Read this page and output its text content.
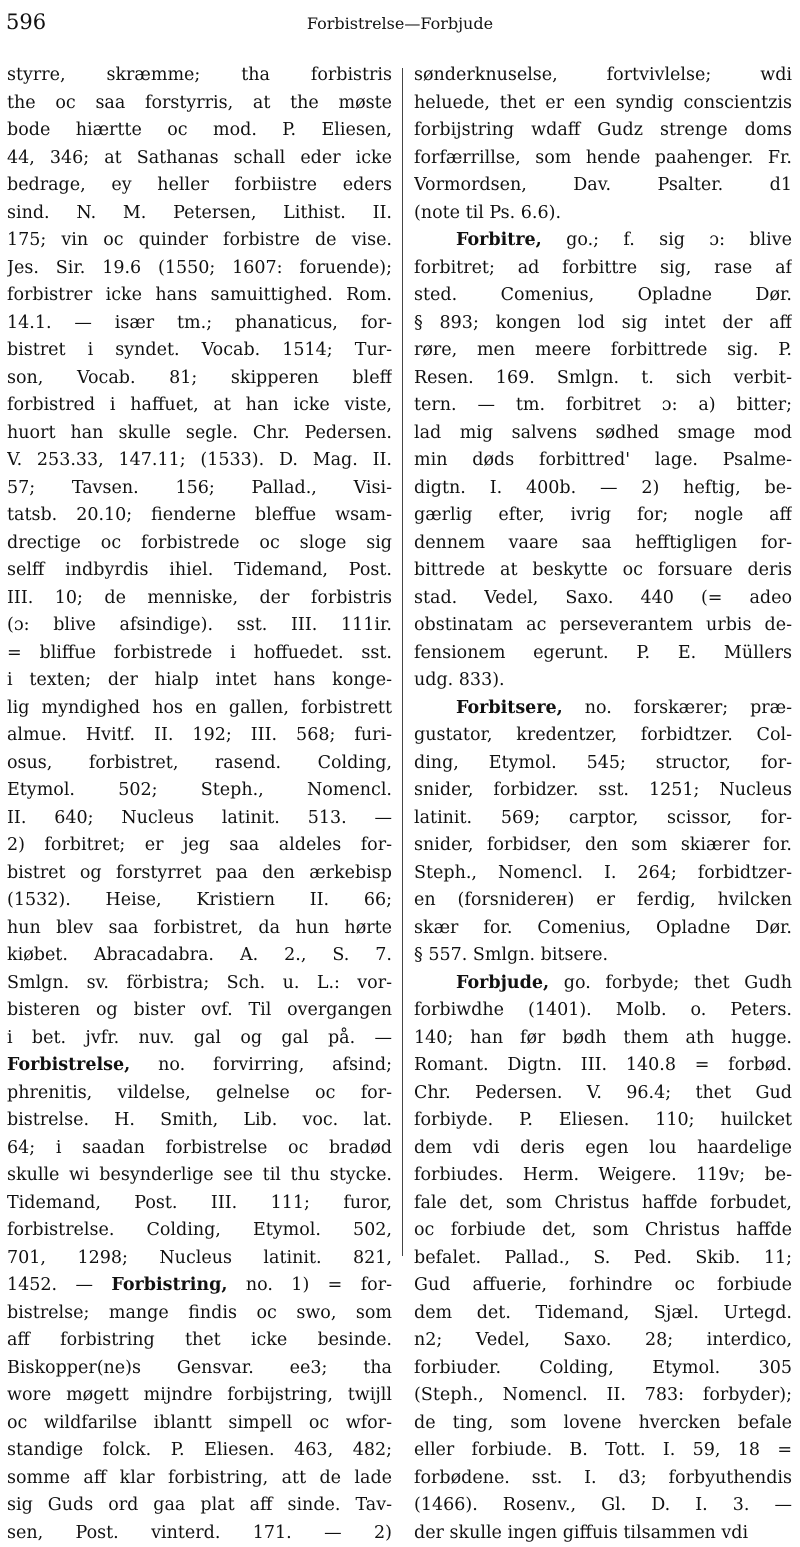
596	Forbistrelse—Forbjude
styrre, skræmme; tha forbistris
the oc saa forstyrris, at the møste
bode hiærtte oc mod. P. Eliesen,
44, 346; at Sathanas schall eder icke
bedrage, ey heller forbiistre eders
sind. N. M. Petersen, Lithist. II.
175; vin oc quinder forbistre de vise.
Jes. Sir. 19.6 (1550; 1607: foruende);
forbistrer icke hans samuittighed. Rom.
14.1. — især tm.; phanaticus, for-
bistret i syndet. Vocab. 1514; Tur-
son, Vocab. 81; skipperen bleff
forbistred i haffuet, at han icke viste,
huort han skulle segle. Chr. Pedersen.
V. 253.33, 147.11; (1533). D. Mag. II.
57; Tavsen. 156; Pallad., Visi-
tatsb. 20.10; fienderne bleffue wsam-
drectige oc forbistrede oc sloge sig
selff indbyrdis ihiel. Tidemand, Post.
III. 10; de menniske, der forbistris
(ɔ: blive afsindige). sst. III. 111ir.
= bliffue forbistrede i hoffuedet. sst.
i texten; der hialp intet hans konge-
lig myndighed hos en gallen, forbistrett
almue. Hvitf. II. 192; III. 568; furi-
osus, forbistret, rasend. Colding,
Etymol. 502; Steph., Nomencl.
II. 640; Nucleus latinit. 513. —
2) forbitret; er jeg saa aldeles for-
bistret og forstyrret paa den ærkebisp
(1532). Heise, Kristiern II. 66;
hun blev saa forbistret, da hun hørte
kiøbet. Abracadabra. A. 2., S. 7.
Smlgn. sv. förbistra; Sch. u. L.: vor-
bisteren og bister ovf. Til overgangen
i bet. jvfr. nuv. gal og gal på. —
Forbistrelse, no. forvirring, afsind;
phrenitis, vildelse, gelnelse oc for-
bistrelse. H. Smith, Lib. voc. lat.
64; i saadan forbistrelse oc bradød
skulle wi besynderlige see til thu stycke.
Tidemand, Post. III. 111; furor,
forbistrelse. Colding, Etymol. 502,
701, 1298; Nucleus latinit. 821,
1452. — Forbistring, no. 1) = for-
bistrelse; mange findis oc swo, som
aff forbistring thet icke besinde.
Biskopper(ne)s Gensvar. ee3; tha
wore møgett mijndre forbijstring, twijll
oc wildfarilse iblantt simpell oc wfor-
standige folck. P. Eliesen. 463, 482;
somme aff klar forbistring, att de lade
sig Guds ord gaa plat aff sinde. Tav-
sen, Post. vinterd. 171. — 2)
sønderknuselse, fortvivlelse; wdi
heluede, thet er een syndig conscientzis
forbijstring wdaff Gudz strenge doms
forfærrillse, som hende paahenger. Fr.
Vormordsen, Dav. Psalter. d1
(note til Ps. 6.6).
Forbitre, go.; f. sig ɔ: blive
forbitret; ad forbittre sig, rase af
sted. Comenius, Opladne Dør.
§ 893; kongen lod sig intet der aff
røre, men meere forbittrede sig. P.
Resen. 169. Smlgn. t. sich verbit-
tern. — tm. forbitret ɔ: a) bitter;
lad mig salvens sødhed smage mod
min døds forbittred' lage. Psalme-
digtn. I. 400b. — 2) heftig, be-
gærlig efter, ivrig for; nogle aff
dennem vaare saa hefftigligen for-
bittrede at beskytte oc forsuare deris
stad. Vedel, Saxo. 440 (= adeo
obstinatam ac perseverantem urbis de-
fensionem egerunt. P. E. Müllers
udg. 833).
Forbitsere, no. forskærer; præ-
gustator, kredentzer, forbidtzer. Col-
ding, Etymol. 545; structor, for-
snider, forbidzer. sst. 1251; Nucleus
latinit. 569; carptor, scissor, for-
snider, forbidser, den som skiærer for.
Steph., Nomencl. I. 264; forbidtzer-
en (forsniderен) er ferdig, hvilcken
skær for. Comenius, Opladne Dør.
§ 557. Smlgn. bitsere.
Forbjude, go. forbyde; thet Gudh
forbiwdhe (1401). Molb. o. Peters.
140; han før bødh them ath hugge.
Romant. Digtn. III. 140.8 = forbød.
Chr. Pedersen. V. 96.4; thet Gud
forbiyde. P. Eliesen. 110; huilcket
dem vdi deris egen lou haardelige
forbiudes. Herm. Weigere. 119v; be-
fale det, som Christus haffde forbudet,
oc forbiude det, som Christus haffde
befalet. Pallad., S. Ped. Skib. 11;
Gud affuerie, forhindre oc forbiude
dem det. Tidemand, Sjæl. Urtegd.
n2; Vedel, Saxo. 28; interdico,
forbiuder. Colding, Etymol. 305
(Steph., Nomencl. II. 783: forbyder);
de ting, som lovene hvercken befale
eller forbiude. B. Tott. I. 59, 18 =
forbødene. sst. I. d3; forbyuthendis
(1466). Rosenv., Gl. D. I. 3. —
der skulle ingen giffuis tilsammen vdi
